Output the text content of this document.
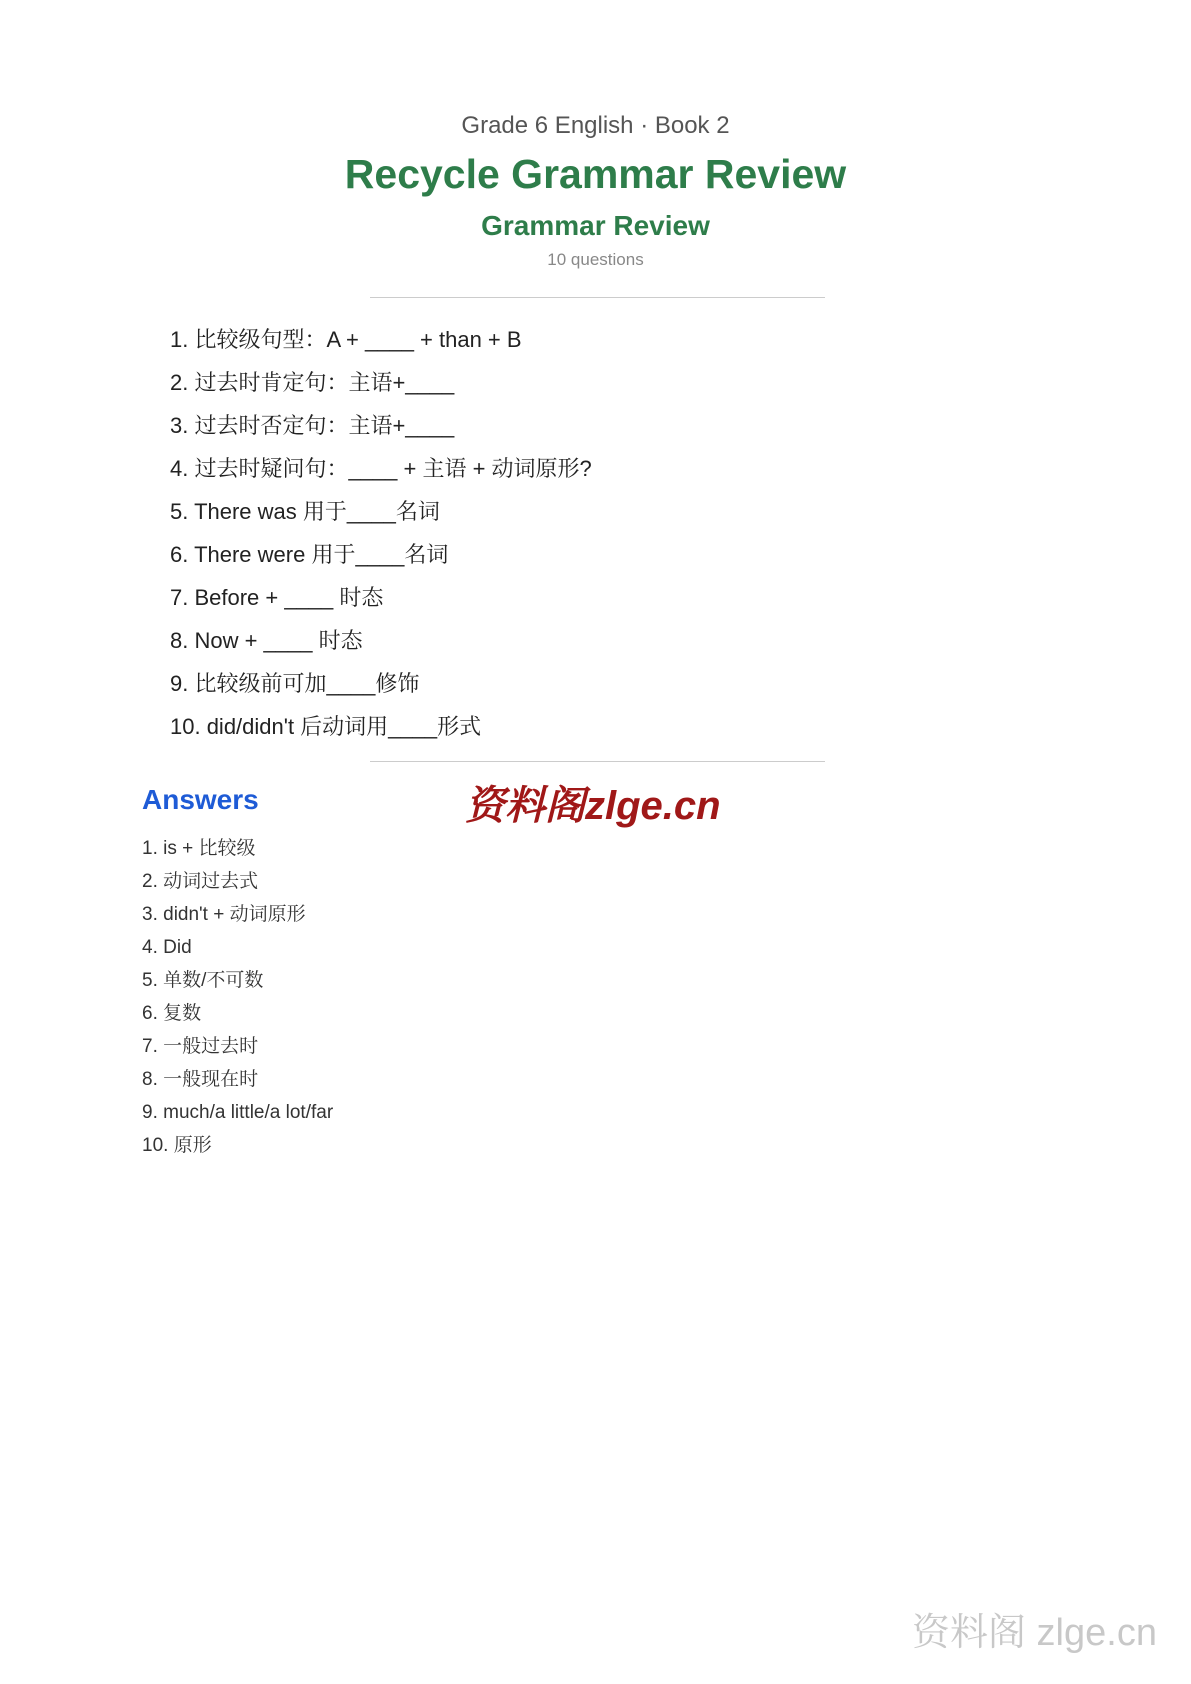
Grade 6 English · Book 2
Recycle Grammar Review
Grammar Review
10 questions
1. 比较级句型：A + ____ + than + B
2. 过去时肯定句：主语+____
3. 过去时否定句：主语+____
4. 过去时疑问句：____ + 主语 + 动词原形?
5. There was 用于____名词
6. There were 用于____名词
7. Before + ____ 时态
8. Now + ____ 时态
9. 比较级前可加____修饰
10. did/didn't 后动词用____形式
Answers	资料阁zlge.cn
1. is + 比较级
2. 动词过去式
3. didn't + 动词原形
4. Did
5. 单数/不可数
6. 复数
7. 一般过去时
8. 一般现在时
9. much/a little/a lot/far
10. 原形
资料阁 zlge.cn
